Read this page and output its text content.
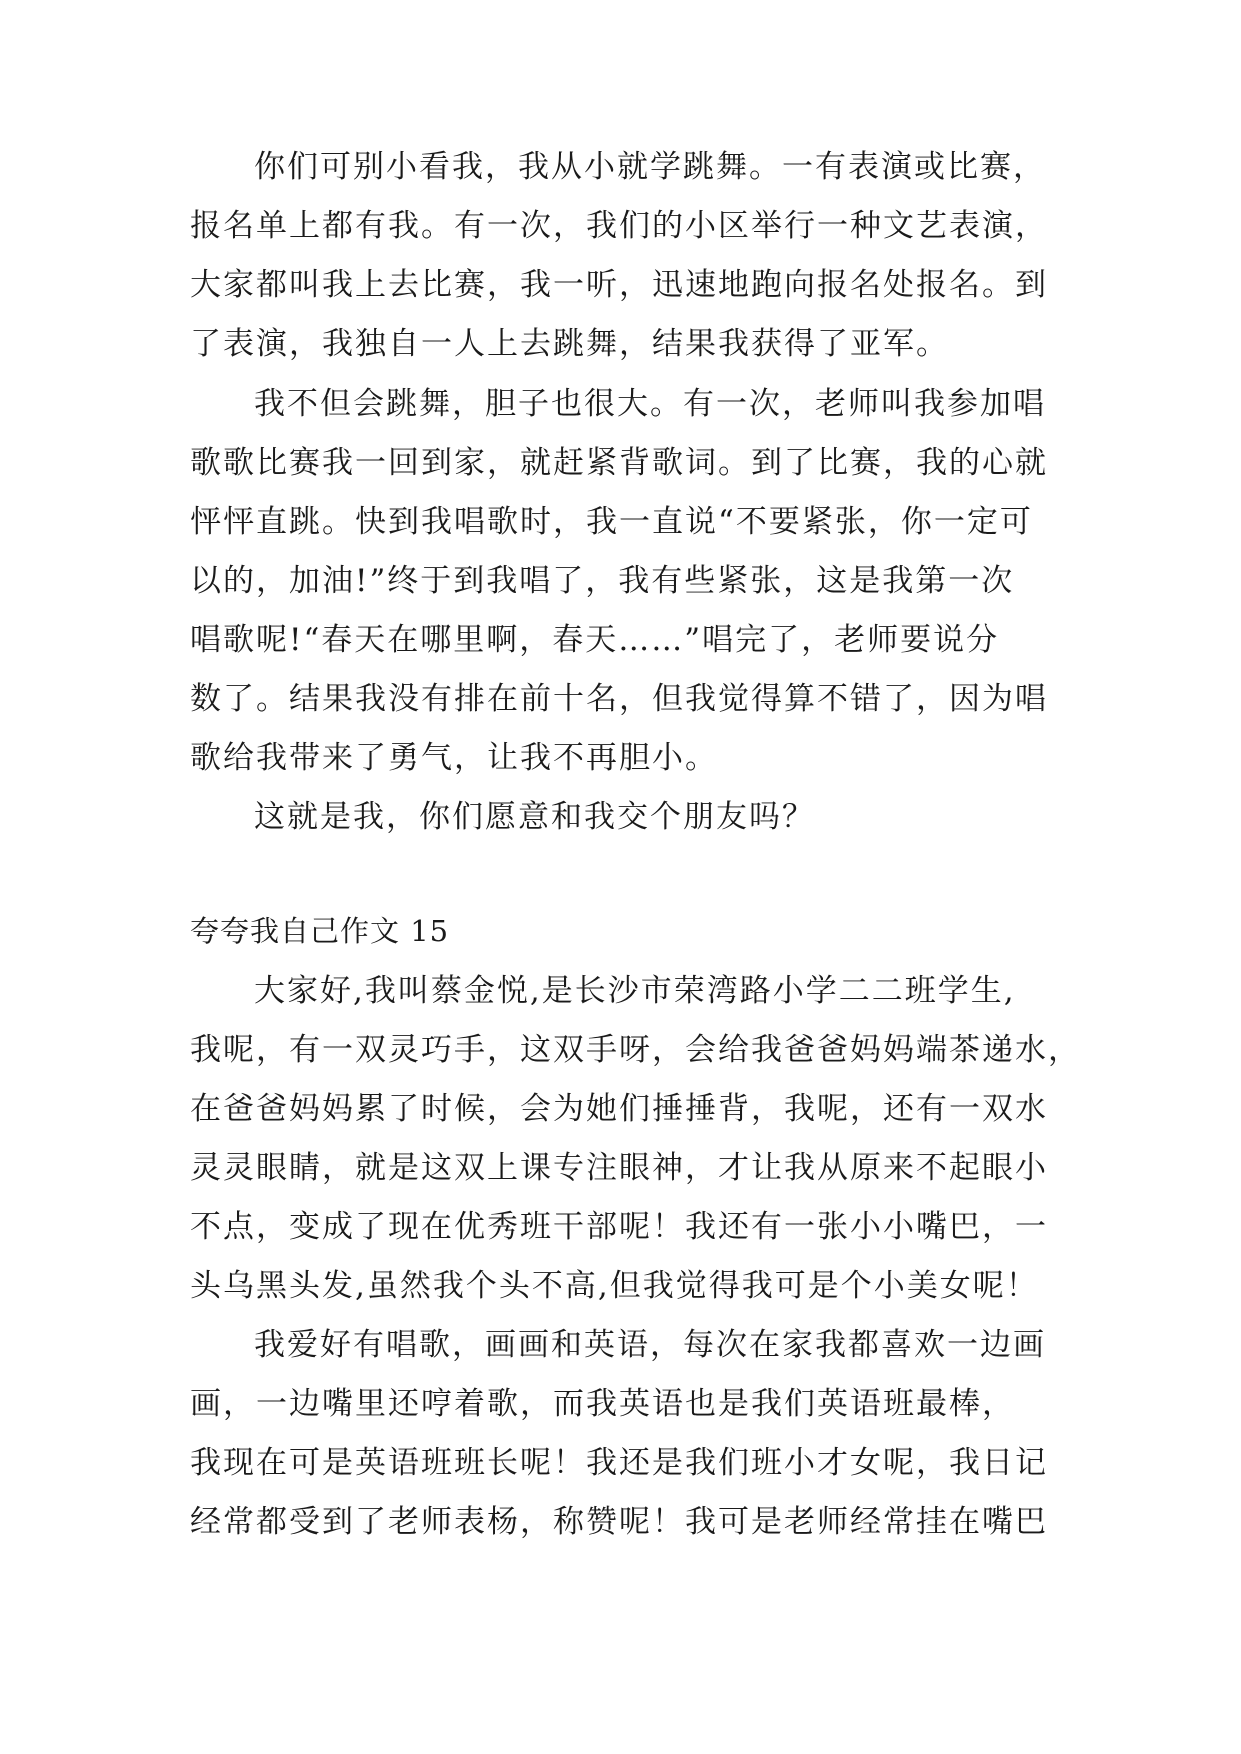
你们可别小看我，我从小就学跳舞。一有表演或比赛，
报名单上都有我。有一次，我们的小区举行一种文艺表演，
大家都叫我上去比赛，我一听，迅速地跑向报名处报名。到
了表演，我独自一人上去跳舞，结果我获得了亚军。
我不但会跳舞，胆子也很大。有一次，老师叫我参加唱
歌歌比赛我一回到家，就赶紧背歌词。到了比赛，我的心就
怦怦直跳。快到我唱歌时，我一直说“不要紧张，你一定可
以的，加油!”终于到我唱了，我有些紧张，这是我第一次
唱歌呢!“春天在哪里啊，春天……”唱完了，老师要说分
数了。结果我没有排在前十名，但我觉得算不错了，因为唱
歌给我带来了勇气，让我不再胆小。
这就是我，你们愿意和我交个朋友吗？
夸夸我自己作文 15
大家好,我叫蔡金悦,是长沙市荣湾路小学二二班学生,
我呢，有一双灵巧手，这双手呀，会给我爸爸妈妈端茶递水，
在爸爸妈妈累了时候，会为她们捶捶背，我呢，还有一双水
灵灵眼睛，就是这双上课专注眼神，才让我从原来不起眼小
不点，变成了现在优秀班干部呢！我还有一张小小嘴巴，一
头乌黑头发,虽然我个头不高,但我觉得我可是个小美女呢！
我爱好有唱歌，画画和英语，每次在家我都喜欢一边画
画，一边嘴里还哼着歌，而我英语也是我们英语班最棒，
我现在可是英语班班长呢！我还是我们班小才女呢，我日记
经常都受到了老师表杨，称赞呢！我可是老师经常挂在嘴巴
